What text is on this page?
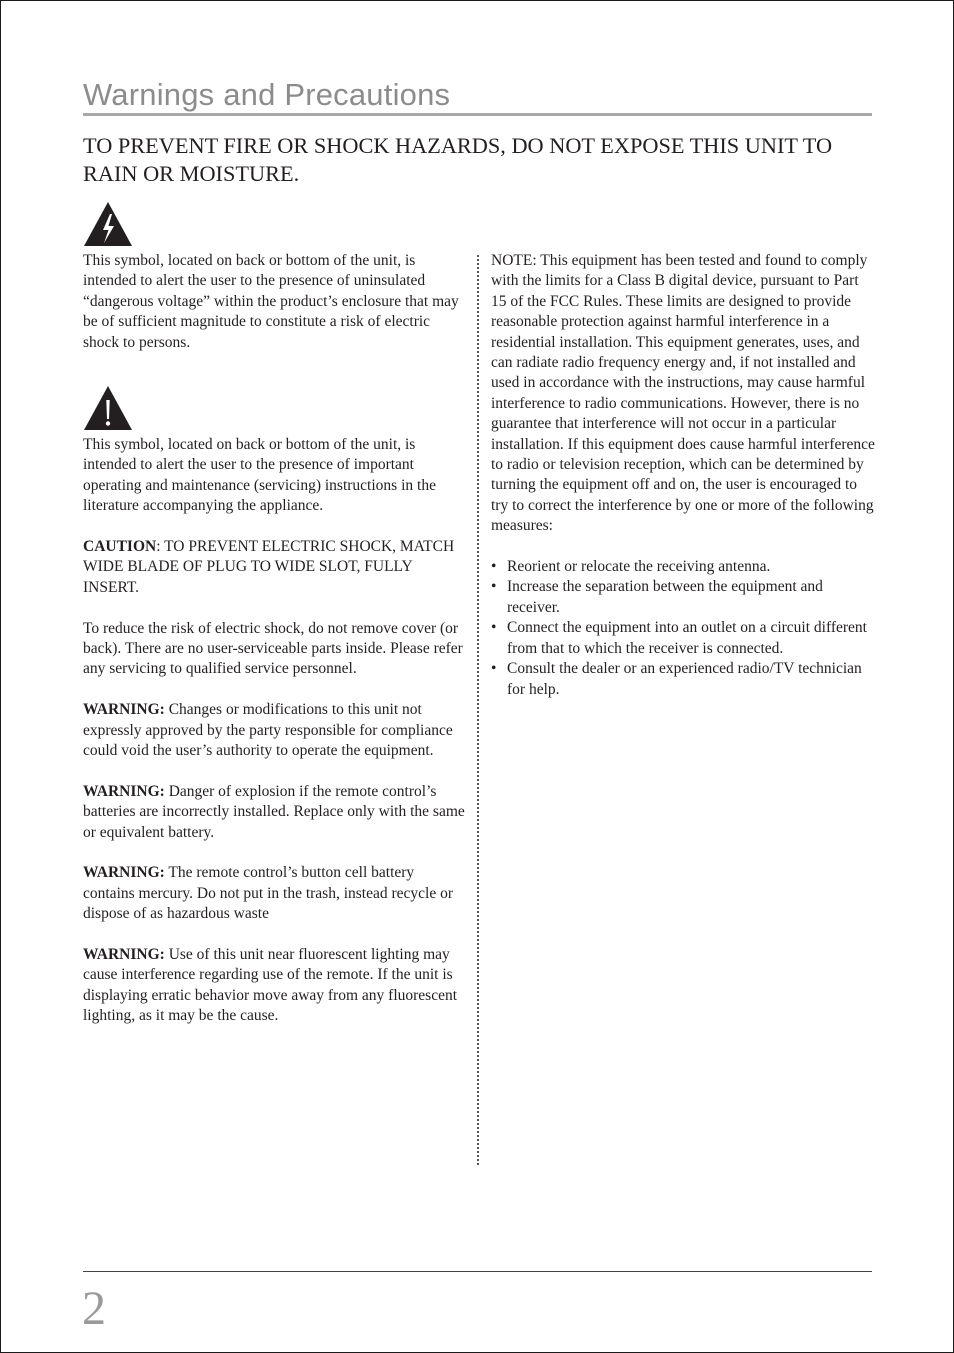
Warnings and Precautions
TO PREVENT FIRE OR SHOCK HAZARDS, DO NOT EXPOSE THIS UNIT TO RAIN OR MOISTURE.

This symbol, located on back or bottom of the unit, is intended to alert the user to the presence of uninsulated “dangerous voltage” within the product’s enclosure that may be of sufficient magnitude to constitute a risk of electric shock to persons.

This symbol, located on back or bottom of the unit, is intended to alert the user to the presence of important operating and maintenance (servicing) instructions in the literature accompanying the appliance.

CAUTION: TO PREVENT ELECTRIC SHOCK, MATCH WIDE BLADE OF PLUG TO WIDE SLOT, FULLY INSERT.

To reduce the risk of electric shock, do not remove cover (or back). There are no user-serviceable parts inside. Please refer any servicing to qualified service personnel.

WARNING: Changes or modifications to this unit not expressly approved by the party responsible for compliance could void the user’s authority to operate the equipment.

WARNING: Danger of explosion if the remote control’s batteries are incorrectly installed. Replace only with the same or equivalent battery.

WARNING: The remote control’s button cell battery contains mercury. Do not put in the trash, instead recycle or dispose of as hazardous waste

WARNING: Use of this unit near fluorescent lighting may cause interference regarding use of the remote. If the unit is displaying erratic behavior move away from any fluorescent lighting, as it may be the cause.

NOTE: This equipment has been tested and found to comply with the limits for a Class B digital device, pursuant to Part 15 of the FCC Rules. These limits are designed to provide reasonable protection against harmful interference in a residential installation. This equipment generates, uses, and can radiate radio frequency energy and, if not installed and used in accordance with the instructions, may cause harmful interference to radio communications. However, there is no guarantee that interference will not occur in a particular installation. If this equipment does cause harmful interference to radio or television reception, which can be determined by turning the equipment off and on, the user is encouraged to try to correct the interference by one or more of the following measures:

• Reorient or relocate the receiving antenna.
• Increase the separation between the equipment and receiver.
• Connect the equipment into an outlet on a circuit different from that to which the receiver is connected.
• Consult the dealer or an experienced radio/TV technician for help.
2
